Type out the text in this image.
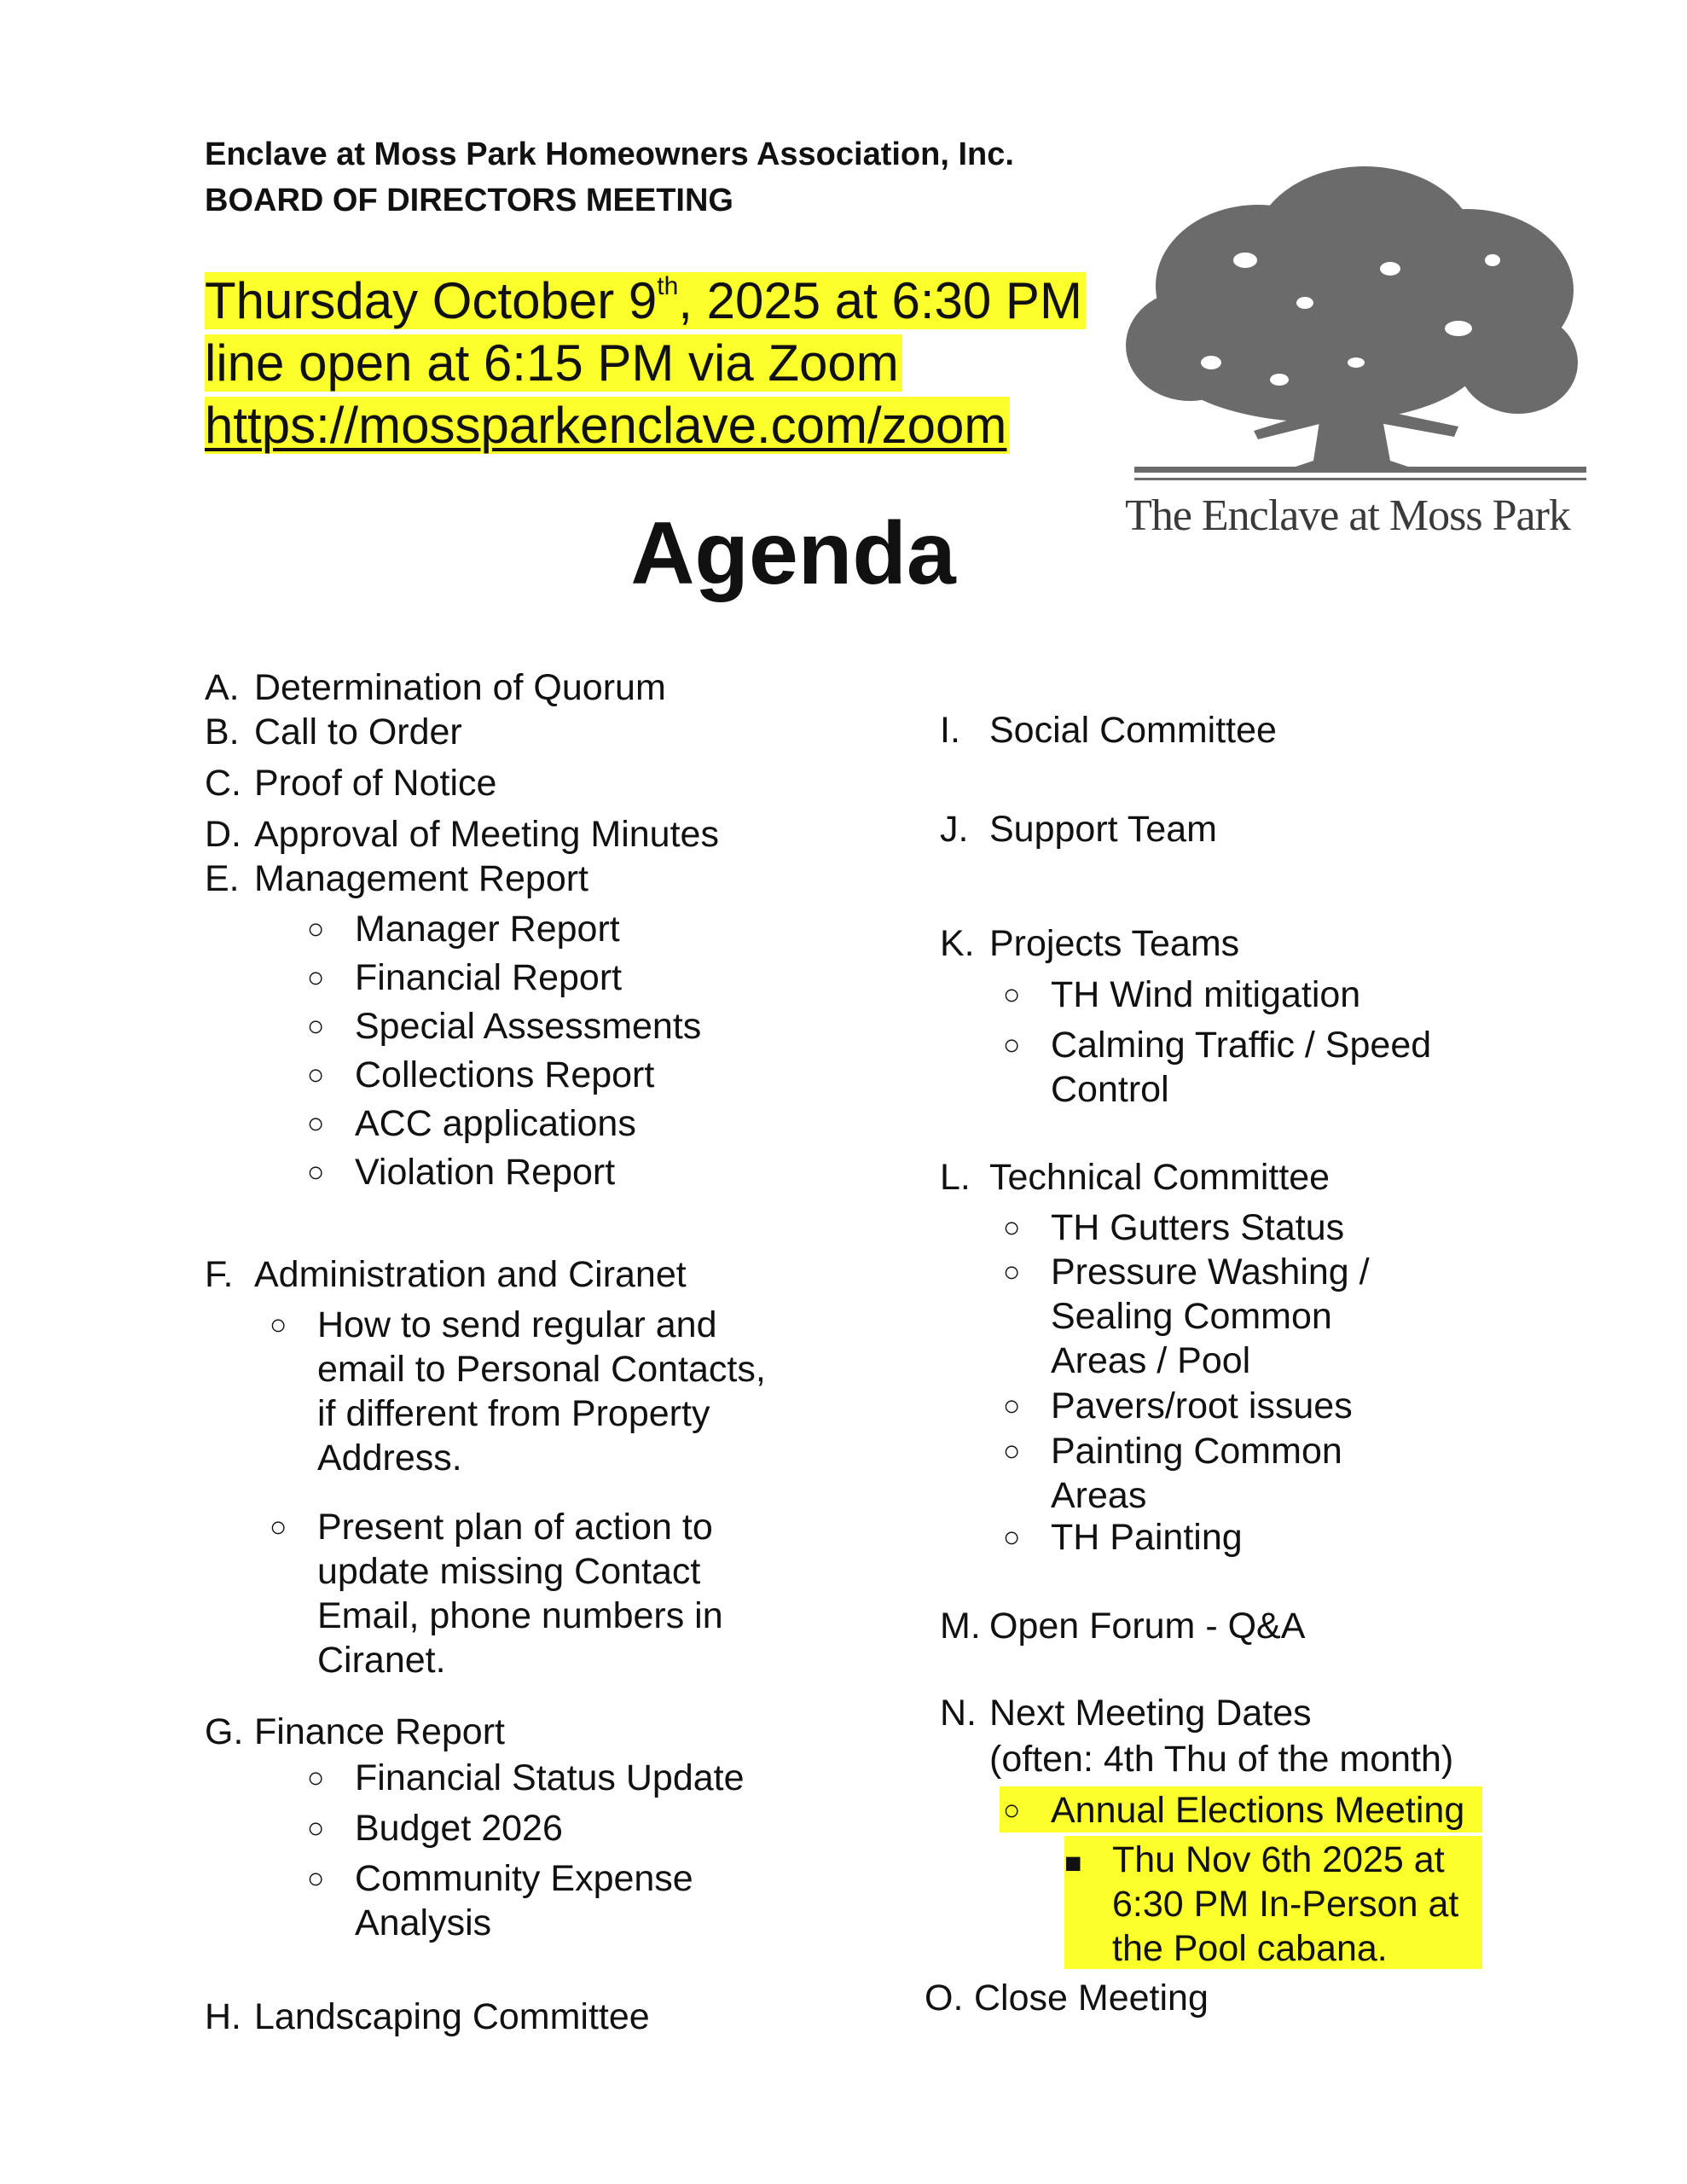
Enclave at Moss Park Homeowners Association, Inc.
BOARD OF DIRECTORS MEETING
Thursday October 9th, 2025 at 6:30 PM
line open at 6:15 PM via Zoom
https://mossparkenclave.com/zoom
The Enclave at Moss Park
Agenda
A. Determination of Quorum
B. Call to Order
C. Proof of Notice
D. Approval of Meeting Minutes
E. Management Report
○ Manager Report
○ Financial Report
○ Special Assessments
○ Collections Report
○ ACC applications
○ Violation Report
F. Administration and Ciranet
○ How to send regular and
email to Personal Contacts,
if different from Property
Address.
○ Present plan of action to
update missing Contact
Email, phone numbers in
Ciranet.
G. Finance Report
○ Financial Status Update
○ Budget 2026
○ Community Expense
Analysis
H. Landscaping Committee
I. Social Committee
J. Support Team
K. Projects Teams
○ TH Wind mitigation
○ Calming Traffic / Speed
Control
L. Technical Committee
○ TH Gutters Status
○ Pressure Washing /
Sealing Common
Areas / Pool
○ Pavers/root issues
○ Painting Common
Areas
○ TH Painting
M. Open Forum - Q&A
N. Next Meeting Dates
(often: 4th Thu of the month)
○ Annual Elections Meeting
■ Thu Nov 6th 2025 at
6:30 PM In-Person at
the Pool cabana.
O. Close Meeting
